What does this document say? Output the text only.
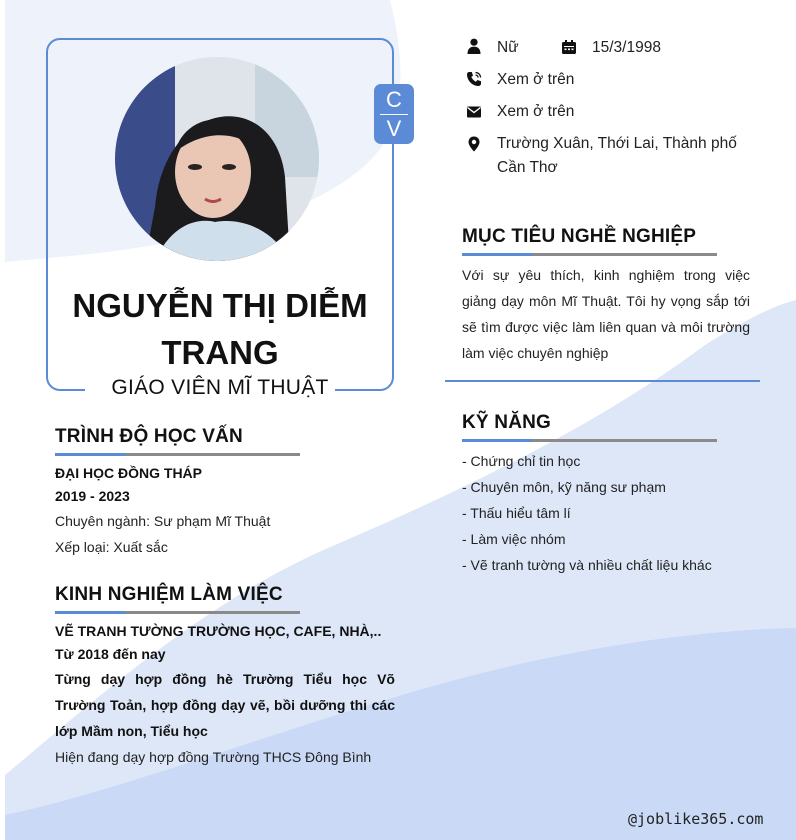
C
V
NGUYỄN THỊ DIỄM TRANG
GIÁO VIÊN MĨ THUẬT
Nữ	15/3/1998
Xem ở trên
Xem ở trên
Trường Xuân, Thới Lai, Thành phố Cần Thơ
MỤC TIÊU NGHỀ NGHIỆP
Với sự yêu thích, kinh nghiệm trong việc giảng dạy môn Mĩ Thuật. Tôi hy vọng sắp tới sẽ tìm được việc làm liên quan và môi trường làm việc chuyên nghiệp
KỸ NĂNG
- Chứng chỉ tin học
- Chuyên môn, kỹ năng sư phạm
- Thấu hiểu tâm lí
- Làm việc nhóm
- Vẽ tranh tường và nhiều chất liệu khác
TRÌNH ĐỘ HỌC VẤN
ĐẠI HỌC ĐỒNG THÁP
2019 - 2023
Chuyên ngành: Sư phạm Mĩ Thuật
Xếp loại: Xuất sắc
KINH NGHIỆM LÀM VIỆC
VẼ TRANH TƯỜNG TRƯỜNG HỌC, CAFE, NHÀ,..
Từ 2018 đến nay
Từng dạy hợp đồng hè Trường Tiểu học Võ Trường Toản, hợp đồng dạy vẽ, bồi dưỡng thi các lớp Mầm non, Tiểu học
Hiện đang dạy hợp đồng Trường THCS Đông Bình
@joblike365.com
